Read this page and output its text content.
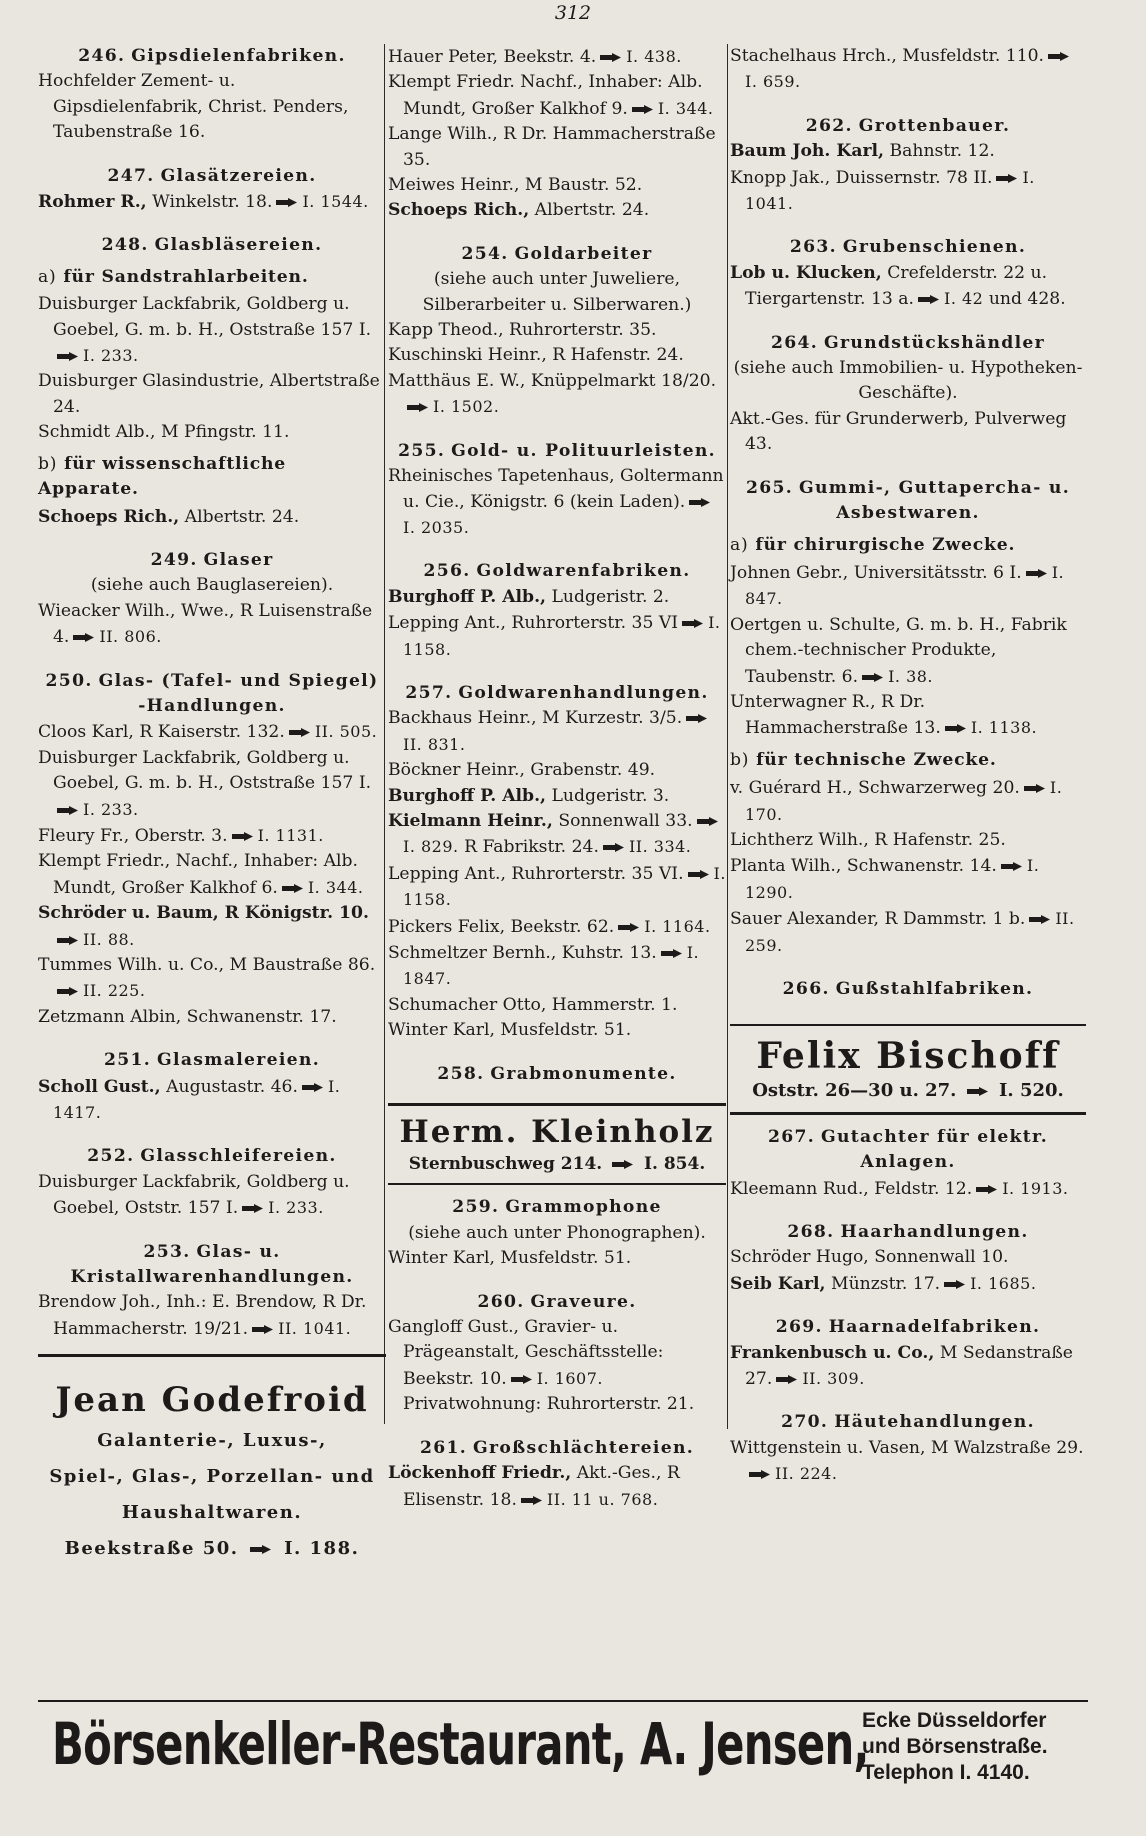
312
246. Gipsdielenfabriken.
Hochfelder Zement- u. Gipsdielenfabrik, Christ. Penders, Taubenstraße 16.
247. Glasätzereien.
Rohmer R., Winkelstr. 18. I. 1544.
248. Glasbläsereien.
a) für Sandstrahlarbeiten.
Duisburger Lackfabrik, Goldberg u. Goebel, G. m. b. H., Oststraße 157 I.
I. 233.
Duisburger Glasindustrie, Albertstraße 24.
Schmidt Alb., M Pfingstr. 11.
b) für wissenschaftliche Apparate.
Schoeps Rich., Albertstr. 24.
249. Glaser
(siehe auch Bauglasereien).
Wieacker Wilh., Wwe., R Luisenstraße 4. II. 806.
250. Glas- (Tafel- und Spiegel) -Handlungen.
Cloos Karl, R Kaiserstr. 132. II. 505.
Duisburger Lackfabrik, Goldberg u. Goebel, G. m. b. H., Oststraße 157 I.
I. 233.
Fleury Fr., Oberstr. 3. I. 1131.
Klempt Friedr., Nachf., Inhaber: Alb. Mundt, Großer Kalkhof 6. I. 344.
Schröder u. Baum, R Königstr. 10.
II. 88.
Tummes Wilh. u. Co., M Baustraße 86.
II. 225.
Zetzmann Albin, Schwanenstr. 17.
251. Glasmalereien.
Scholl Gust., Augustastr. 46. I. 1417.
252. Glasschleifereien.
Duisburger Lackfabrik, Goldberg u. Goebel, Oststr. 157 I. I. 233.
253. Glas- u. Kristallwarenhandlungen.
Brendow Joh., Inh.: E. Brendow, R Dr. Hammacherstr. 19/21. II. 1041.
Jean Godefroid
Galanterie-, Luxus-,
Spiel-, Glas-, Porzellan- und
Haushaltwaren.
Beekstraße 50.	I. 188.
Hauer Peter, Beekstr. 4. I. 438.
Klempt Friedr. Nachf., Inhaber: Alb. Mundt, Großer Kalkhof 9. I. 344.
Lange Wilh., R Dr. Hammacherstraße 35.
Meiwes Heinr., M Baustr. 52.
Schoeps Rich., Albertstr. 24.
254. Goldarbeiter
(siehe auch unter Juweliere, Silberarbeiter u. Silberwaren.)
Kapp Theod., Ruhrorterstr. 35.
Kuschinski Heinr., R Hafenstr. 24.
Matthäus E. W., Knüppelmarkt 18/20.
I. 1502.
255. Gold- u. Polituurleisten.
Rheinisches Tapetenhaus, Goltermann u. Cie., Königstr. 6 (kein Laden).
I. 2035.
256. Goldwarenfabriken.
Burghoff P. Alb., Ludgeristr. 2.
Lepping Ant., Ruhrorterstr. 35 VI I. 1158.
257. Goldwarenhandlungen.
Backhaus Heinr., M Kurzestr. 3/5.
II. 831.
Böckner Heinr., Grabenstr. 49.
Burghoff P. Alb., Ludgeristr. 3.
Kielmann Heinr., Sonnenwall 33.
I. 829. R Fabrikstr. 24. II. 334.
Lepping Ant., Ruhrorterstr. 35 VI. I. 1158.
Pickers Felix, Beekstr. 62. I. 1164.
Schmeltzer Bernh., Kuhstr. 13. I. 1847.
Schumacher Otto, Hammerstr. 1.
Winter Karl, Musfeldstr. 51.
258. Grabmonumente.
Herm. Kleinholz
Sternbuschweg 214. I. 854.
259. Grammophone
(siehe auch unter Phonographen).
Winter Karl, Musfeldstr. 51.
260. Graveure.
Gangloff Gust., Gravier- u. Prägeanstalt, Geschäftsstelle: Beekstr. 10. I. 1607. Privatwohnung: Ruhrorterstr. 21.
261. Großschlächtereien.
Löckenhoff Friedr., Akt.-Ges., R Elisenstr. 18. II. 11 u. 768.
Stachelhaus Hrch., Musfeldstr. 110.
I. 659.
262. Grottenbauer.
Baum Joh. Karl, Bahnstr. 12.
Knopp Jak., Duissernstr. 78 II. I. 1041.
263. Grubenschienen.
Lob u. Klucken, Crefelderstr. 22 u. Tiergartenstr. 13 a. I. 42 und 428.
264. Grundstückshändler
(siehe auch Immobilien- u. Hypotheken-Geschäfte).
Akt.-Ges. für Grunderwerb, Pulverweg 43.
265. Gummi-, Guttapercha- u. Asbestwaren.
a) für chirurgische Zwecke.
Johnen Gebr., Universitätsstr. 6 I. I. 847.
Oertgen u. Schulte, G. m. b. H., Fabrik chem.-technischer Produkte, Taubenstr. 6. I. 38.
Unterwagner R., R Dr. Hammacherstraße 13. I. 1138.
b) für technische Zwecke.
v. Guérard H., Schwarzerweg 20. I. 170.
Lichtherz Wilh., R Hafenstr. 25.
Planta Wilh., Schwanenstr. 14. I. 1290.
Sauer Alexander, R Dammstr. 1 b. II. 259.
266. Gußstahlfabriken.
Felix Bischoff
Oststr. 26—30 u. 27. I. 520.
267. Gutachter für elektr. Anlagen.
Kleemann Rud., Feldstr. 12. I. 1913.
268. Haarhandlungen.
Schröder Hugo, Sonnenwall 10.
Seib Karl, Münzstr. 17. I. 1685.
269. Haarnadelfabriken.
Frankenbusch u. Co., M Sedanstraße 27. II. 309.
270. Häutehandlungen.
Wittgenstein u. Vasen, M Walzstraße 29.
II. 224.
Börsenkeller-Restaurant, A. Jensen,
Ecke Düsseldorfer
und Börsenstraße.
Telephon I. 4140.
